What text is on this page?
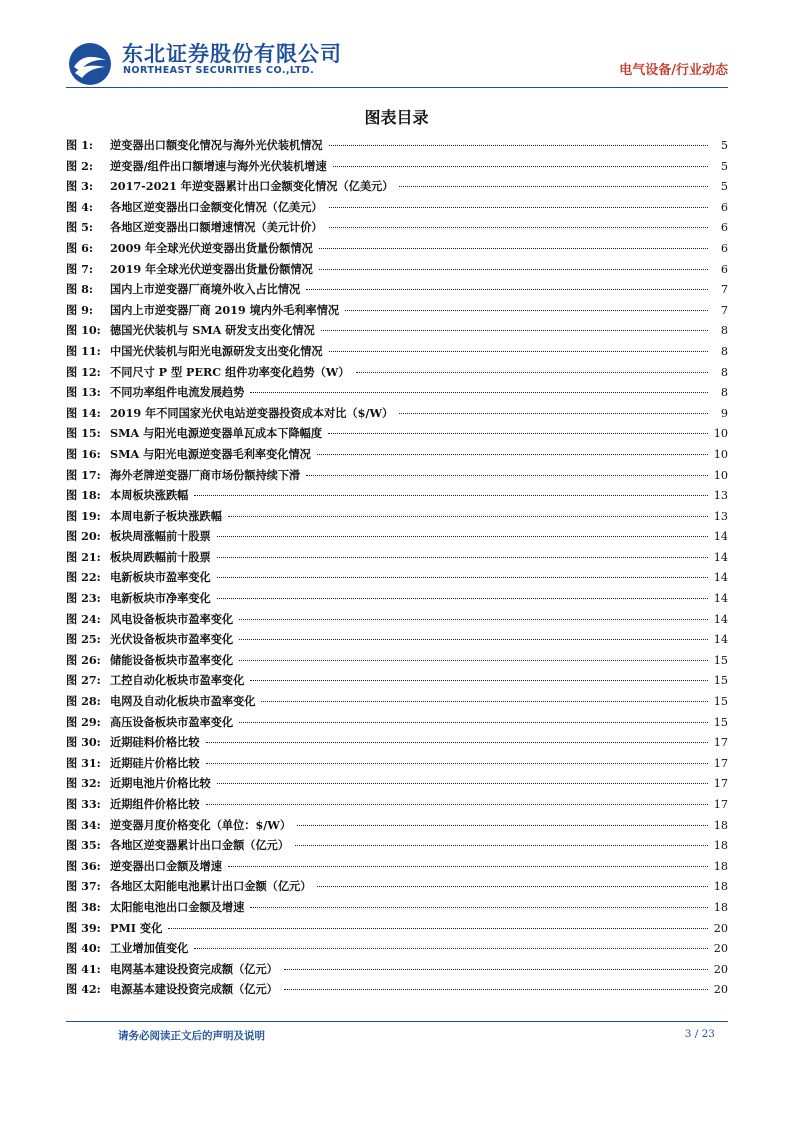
东北证券股份有限公司
NORTHEAST SECURITIES CO.,LTD.	电气设备/行业动态
图表目录
图 1:	逆变器出口额变化情况与海外光伏装机情况	5
图 2:	逆变器/组件出口额增速与海外光伏装机增速	5
图 3:	2017-2021 年逆变器累计出口金额变化情况（亿美元）	5
图 4:	各地区逆变器出口金额变化情况（亿美元）	6
图 5:	各地区逆变器出口额增速情况（美元计价）	6
图 6:	2009 年全球光伏逆变器出货量份额情况	6
图 7:	2019 年全球光伏逆变器出货量份额情况	6
图 8:	国内上市逆变器厂商境外收入占比情况	7
图 9:	国内上市逆变器厂商 2019 境内外毛利率情况	7
图 10: 德国光伏装机与 SMA 研发支出变化情况	8
图 11: 中国光伏装机与阳光电源研发支出变化情况	8
图 12: 不同尺寸 P 型 PERC 组件功率变化趋势（W）	8
图 13: 不同功率组件电流发展趋势	8
图 14: 2019 年不同国家光伏电站逆变器投资成本对比（$/W）	9
图 15: SMA 与阳光电源逆变器单瓦成本下降幅度	10
图 16: SMA 与阳光电源逆变器毛利率变化情况	10
图 17: 海外老牌逆变器厂商市场份额持续下滑	10
图 18: 本周板块涨跌幅	13
图 19: 本周电新子板块涨跌幅	13
图 20: 板块周涨幅前十股票	14
图 21: 板块周跌幅前十股票	14
图 22: 电新板块市盈率变化	14
图 23: 电新板块市净率变化	14
图 24: 风电设备板块市盈率变化	14
图 25: 光伏设备板块市盈率变化	14
图 26: 储能设备板块市盈率变化	15
图 27: 工控自动化板块市盈率变化	15
图 28: 电网及自动化板块市盈率变化	15
图 29: 高压设备板块市盈率变化	15
图 30: 近期硅料价格比较	17
图 31: 近期硅片价格比较	17
图 32: 近期电池片价格比较	17
图 33: 近期组件价格比较	17
图 34: 逆变器月度价格变化（单位：$/W）	18
图 35: 各地区逆变器累计出口金额（亿元）	18
图 36: 逆变器出口金额及增速	18
图 37: 各地区太阳能电池累计出口金额（亿元）	18
图 38: 太阳能电池出口金额及增速	18
图 39: PMI 变化	20
图 40: 工业增加值变化	20
图 41: 电网基本建设投资完成额（亿元）	20
图 42: 电源基本建设投资完成额（亿元）	20
请务必阅读正文后的声明及说明	3 / 23
